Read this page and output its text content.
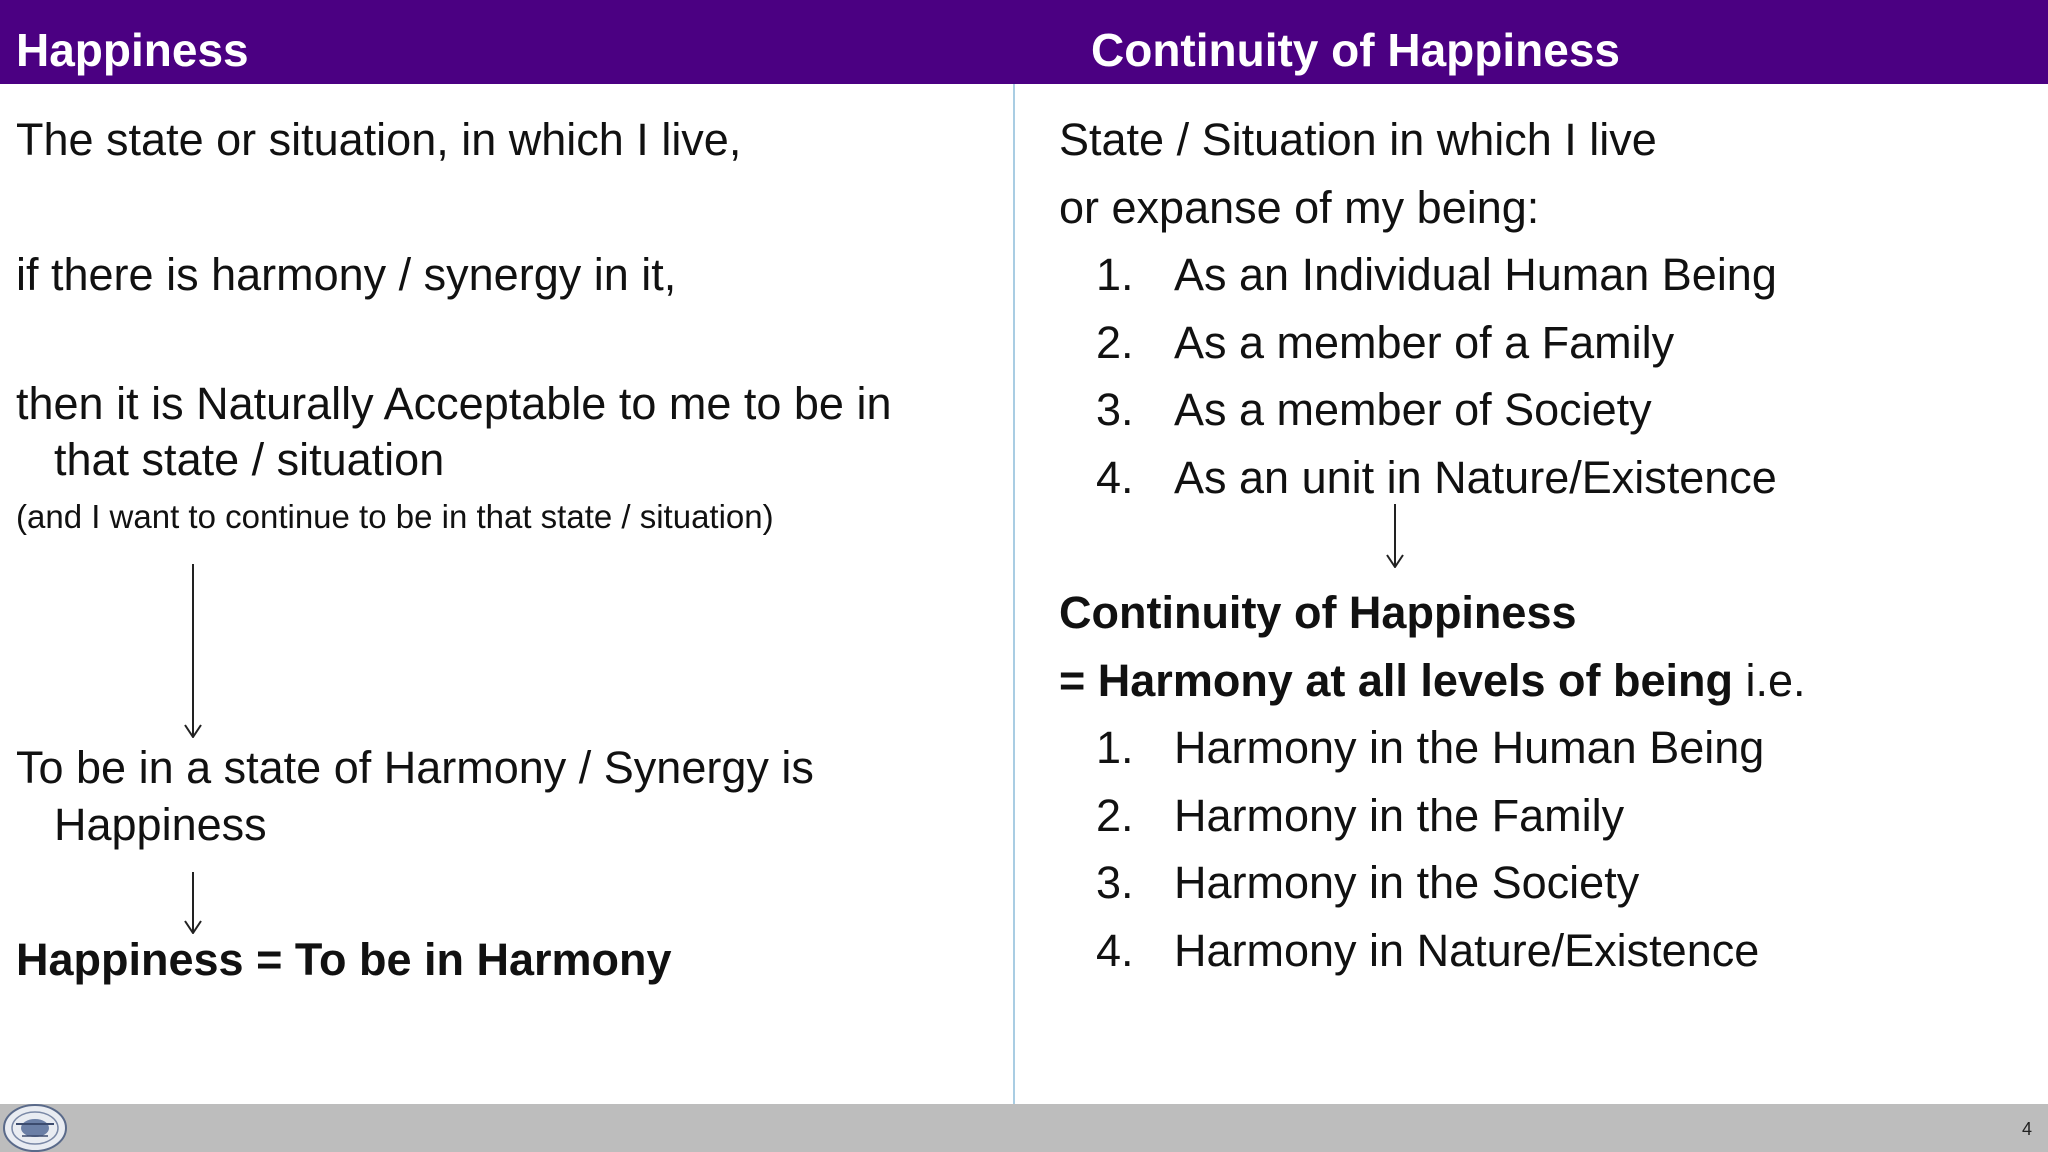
Happiness	Continuity of Happiness
The state or situation, in which I live,
if there is harmony / synergy in it,
then it is Naturally Acceptable to me to be in
that state / situation
(and I want to continue to be in that state / situation)
To be in a state of Harmony / Synergy is
Happiness
Happiness = To be in Harmony
State / Situation in which I live
or expanse of my being:
1. As an Individual Human Being
2. As a member of a Family
3. As a member of Society
4. As an unit in Nature/Existence
Continuity of Happiness
= Harmony at all levels of being i.e.
1. Harmony in the Human Being
2. Harmony in the Family
3. Harmony in the Society
4. Harmony in Nature/Existence
4
